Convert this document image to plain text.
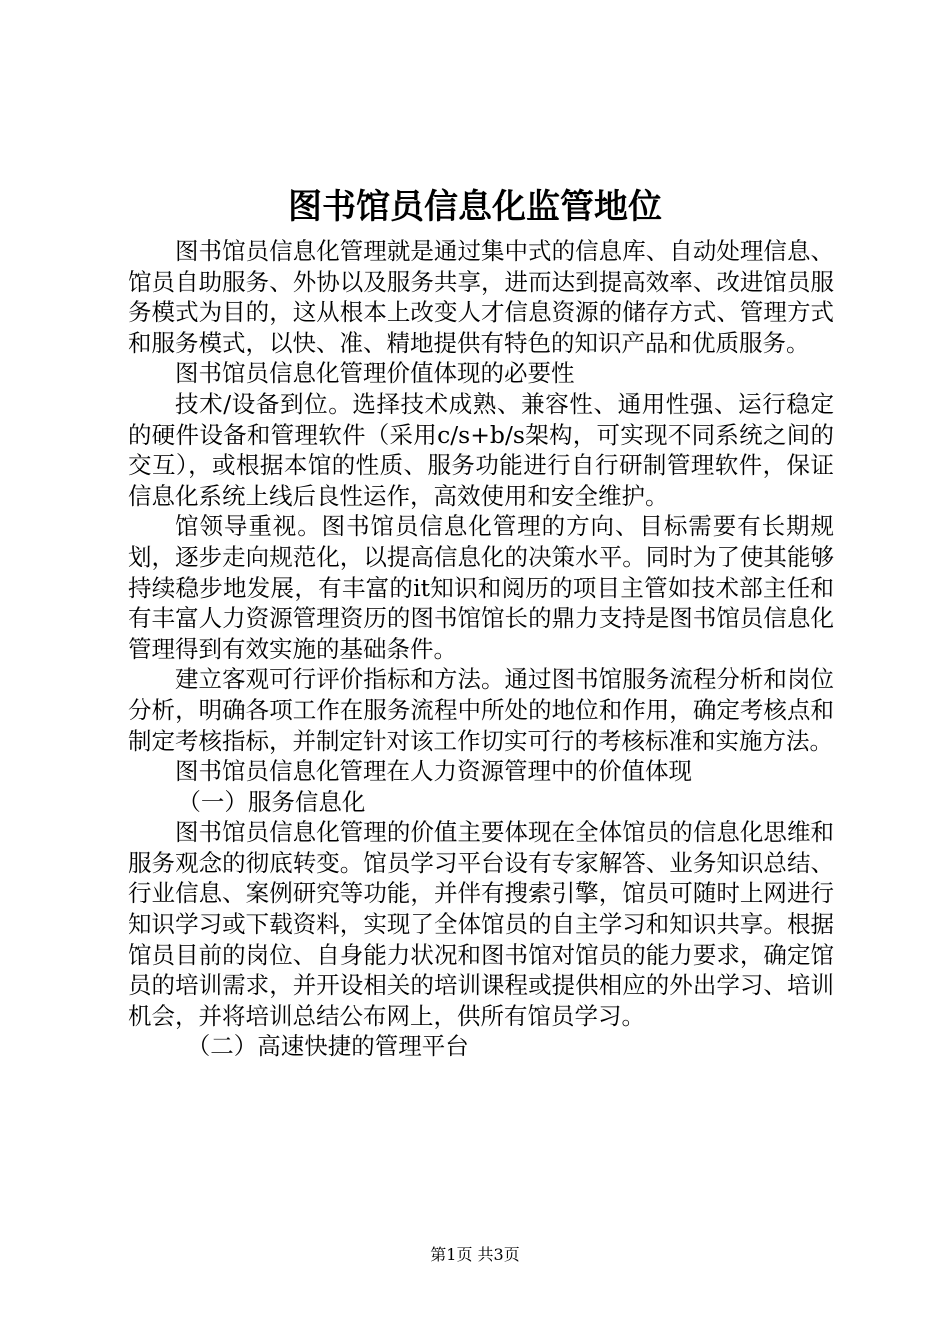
图书馆员信息化监管地位

图书馆员信息化管理就是通过集中式的信息库、自动处理信息、馆员自助服务、外协以及服务共享，进而达到提高效率、改进馆员服务模式为目的，这从根本上改变人才信息资源的储存方式、管理方式和服务模式，以快、准、精地提供有特色的知识产品和优质服务。

图书馆员信息化管理价值体现的必要性

技术/设备到位。选择技术成熟、兼容性、通用性强、运行稳定的硬件设备和管理软件（采用c/s+b/s架构，可实现不同系统之间的交互），或根据本馆的性质、服务功能进行自行研制管理软件，保证信息化系统上线后良性运作，高效使用和安全维护。

馆领导重视。图书馆员信息化管理的方向、目标需要有长期规划，逐步走向规范化，以提高信息化的决策水平。同时为了使其能够持续稳步地发展，有丰富的it知识和阅历的项目主管如技术部主任和有丰富人力资源管理资历的图书馆馆长的鼎力支持是图书馆员信息化管理得到有效实施的基础条件。

建立客观可行评价指标和方法。通过图书馆服务流程分析和岗位分析，明确各项工作在服务流程中所处的地位和作用，确定考核点和制定考核指标，并制定针对该工作切实可行的考核标准和实施方法。

图书馆员信息化管理在人力资源管理中的价值体现

（一）服务信息化

图书馆员信息化管理的价值主要体现在全体馆员的信息化思维和服务观念的彻底转变。馆员学习平台设有专家解答、业务知识总结、行业信息、案例研究等功能，并伴有搜索引擎，馆员可随时上网进行知识学习或下载资料，实现了全体馆员的自主学习和知识共享。根据馆员目前的岗位、自身能力状况和图书馆对馆员的能力要求，确定馆员的培训需求，并开设相关的培训课程或提供相应的外出学习、培训机会，并将培训总结公布网上，供所有馆员学习。

（二）高速快捷的管理平台

第1页 共3页
